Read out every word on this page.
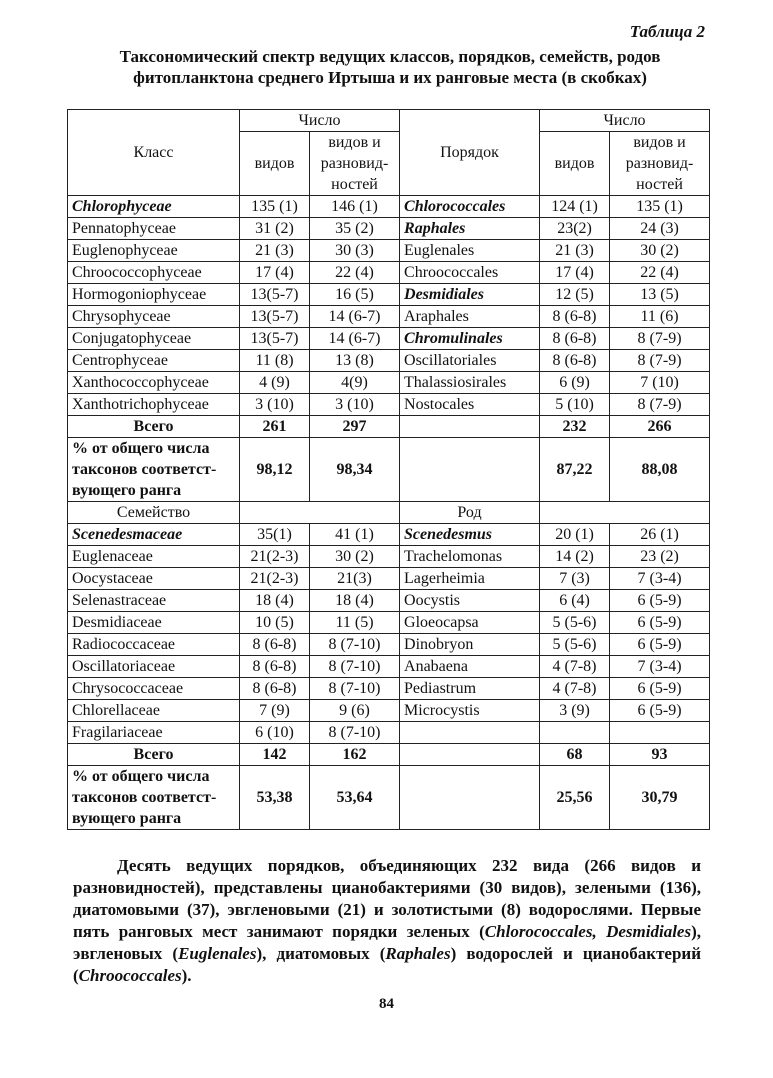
Таблица 2
Таксономический спектр ведущих классов, порядков, семейств, родов фитопланктона среднего Иртыша и их ранговые места (в скобках)
Класс	Число		Порядок	Число	
	видов	видов и разновид-ностей		видов	видов и разновид-ностей

Chlorophyceae	135 (1)	146 (1)	Chlorococcales	124 (1)	135 (1)
Pennatophyceae	31 (2)	35 (2)	Raphales	23(2)	24 (3)
Euglenophyceae	21 (3)	30 (3)	Euglenales	21 (3)	30 (2)
Chroococcophyceae	17 (4)	22 (4)	Chroococcales	17 (4)	22 (4)
Hormogoniophyceae	13(5-7)	16 (5)	Desmidiales	12 (5)	13 (5)
Chrysophyceae	13(5-7)	14 (6-7)	Araphales	8 (6-8)	11 (6)
Conjugatophyceae	13(5-7)	14 (6-7)	Chromulinales	8 (6-8)	8 (7-9)
Centrophyceae	11 (8)	13 (8)	Oscillatoriales	8 (6-8)	8 (7-9)
Xanthococcophyceae	4 (9)	4(9)	Thalassiosirales	6 (9)	7 (10)
Xanthotrichophyceae	3 (10)	3 (10)	Nostocales	5 (10)	8 (7-9)
Всего	261	297		232	266
% от общего числа таксонов соответст-вующего ранга	98,12	98,34		87,22	88,08
Семейство			Род		
Scenedesmaceae	35(1)	41 (1)	Scenedesmus	20 (1)	26 (1)
Euglenaceae	21(2-3)	30 (2)	Trachelomonas	14 (2)	23 (2)
Oocystaceae	21(2-3)	21(3)	Lagerheimia	7 (3)	7 (3-4)
Selenastraceae	18 (4)	18 (4)	Oocystis	6 (4)	6 (5-9)
Desmidiaceae	10 (5)	11 (5)	Gloeocapsa	5 (5-6)	6 (5-9)
Radiococcaceae	8 (6-8)	8 (7-10)	Dinobryon	5 (5-6)	6 (5-9)
Oscillatoriaceae	8 (6-8)	8 (7-10)	Anabaena	4 (7-8)	7 (3-4)
Chrysococcaceae	8 (6-8)	8 (7-10)	Pediastrum	4 (7-8)	6 (5-9)
Chlorellaceae	7 (9)	9 (6)	Microcystis	3 (9)	6 (5-9)
Fragilariaceae	6 (10)	8 (7-10)			
Всего	142	162		68	93
% от общего числа таксонов соответст-вующего ранга	53,38	53,64		25,56	30,79
Десять ведущих порядков, объединяющих 232 вида (266 видов и разновидностей), представлены цианобактериями (30 видов), зелеными (136), диатомовыми (37), эвгленовыми (21) и золотистыми (8) водорослями. Первые пять ранговых мест занимают порядки зеленых (Chlorococcales, Desmidiales), эвгленовых (Euglenales), диатомовых (Raphales) водорослей и цианобактерий (Chroococcales).
84
